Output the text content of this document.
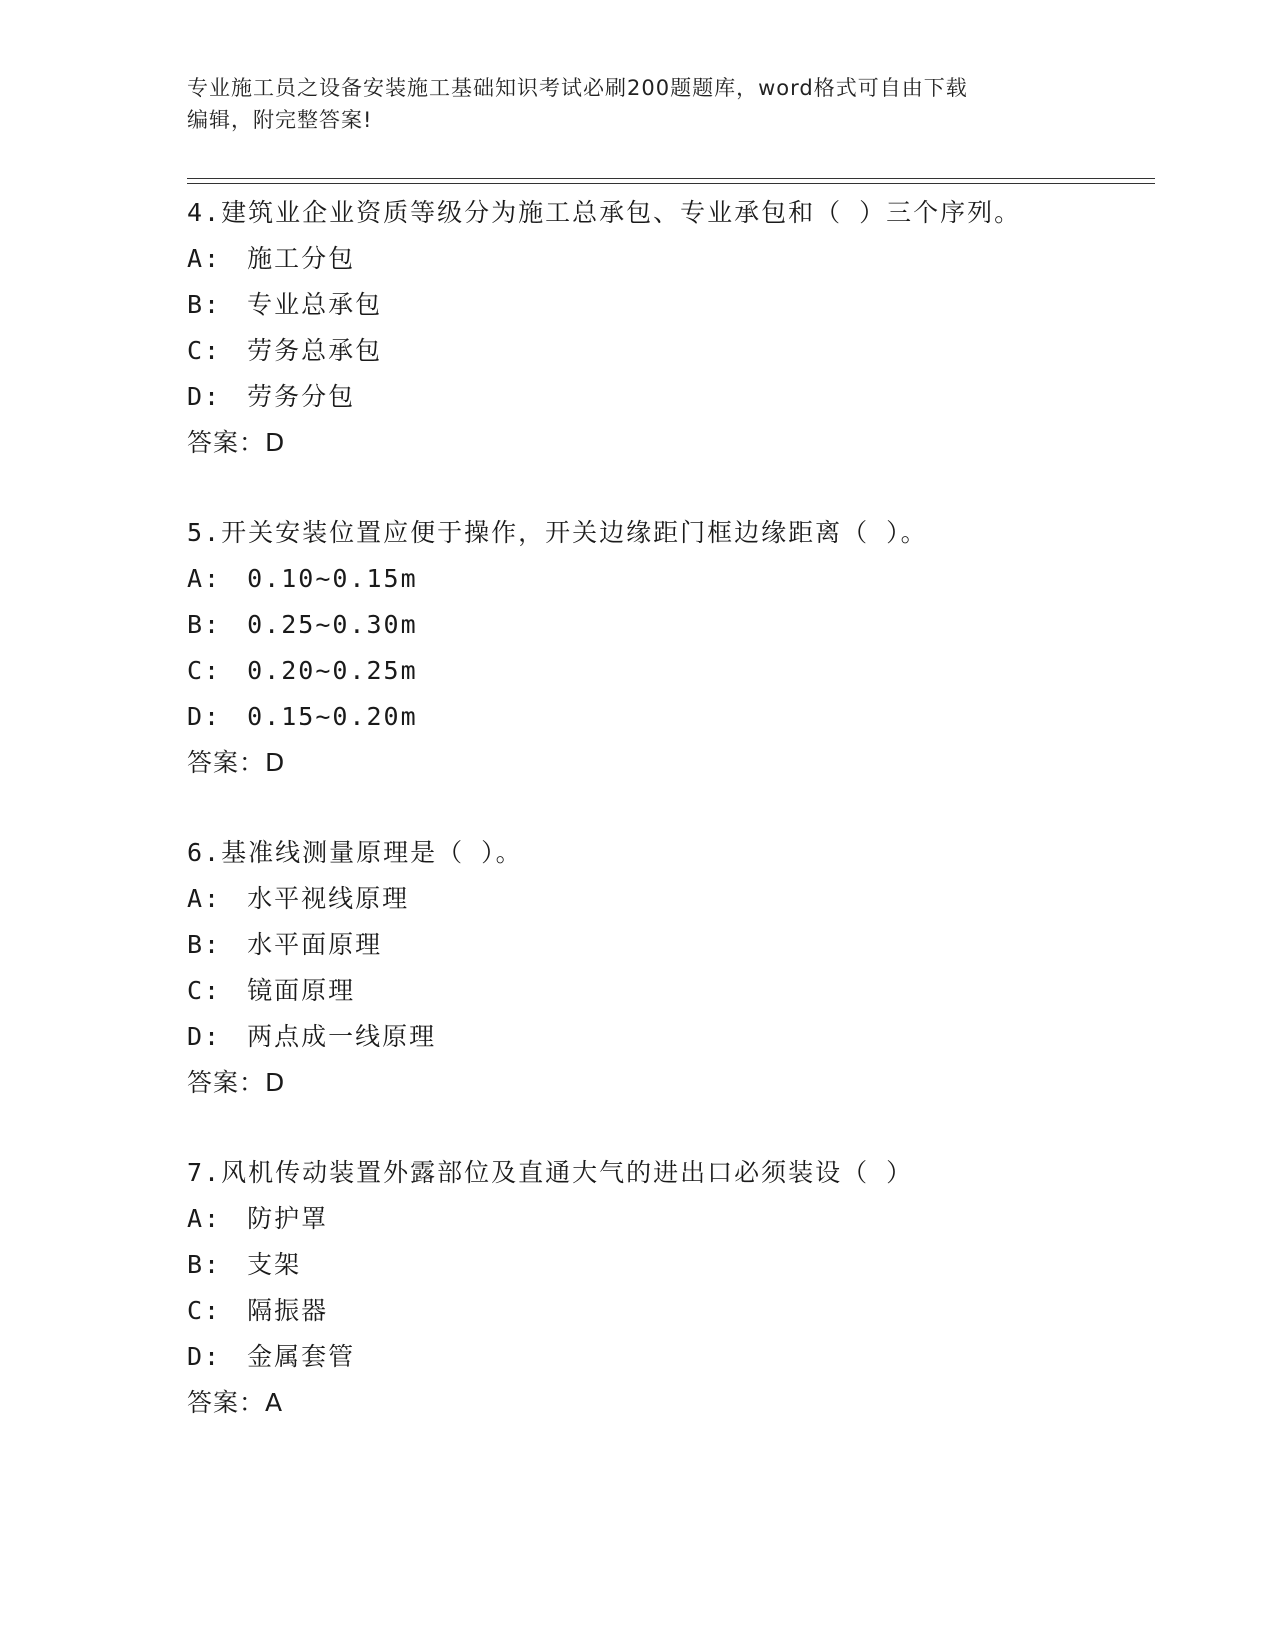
专业施工员之设备安装施工基础知识考试必刷200题题库，word格式可自由下载
编辑，附完整答案!
4.建筑业企业资质等级分为施工总承包、专业承包和（ ）三个序列。
A: 施工分包
B: 专业总承包
C: 劳务总承包
D: 劳务分包
答案：D
5.开关安装位置应便于操作，开关边缘距门框边缘距离（ ）。
A: 0.10~0.15m
B: 0.25~0.30m
C: 0.20~0.25m
D: 0.15~0.20m
答案：D
6.基准线测量原理是（ ）。
A: 水平视线原理
B: 水平面原理
C: 镜面原理
D: 两点成一线原理
答案：D
7.风机传动装置外露部位及直通大气的进出口必须装设（ ）
A: 防护罩
B: 支架
C: 隔振器
D: 金属套管
答案：A
